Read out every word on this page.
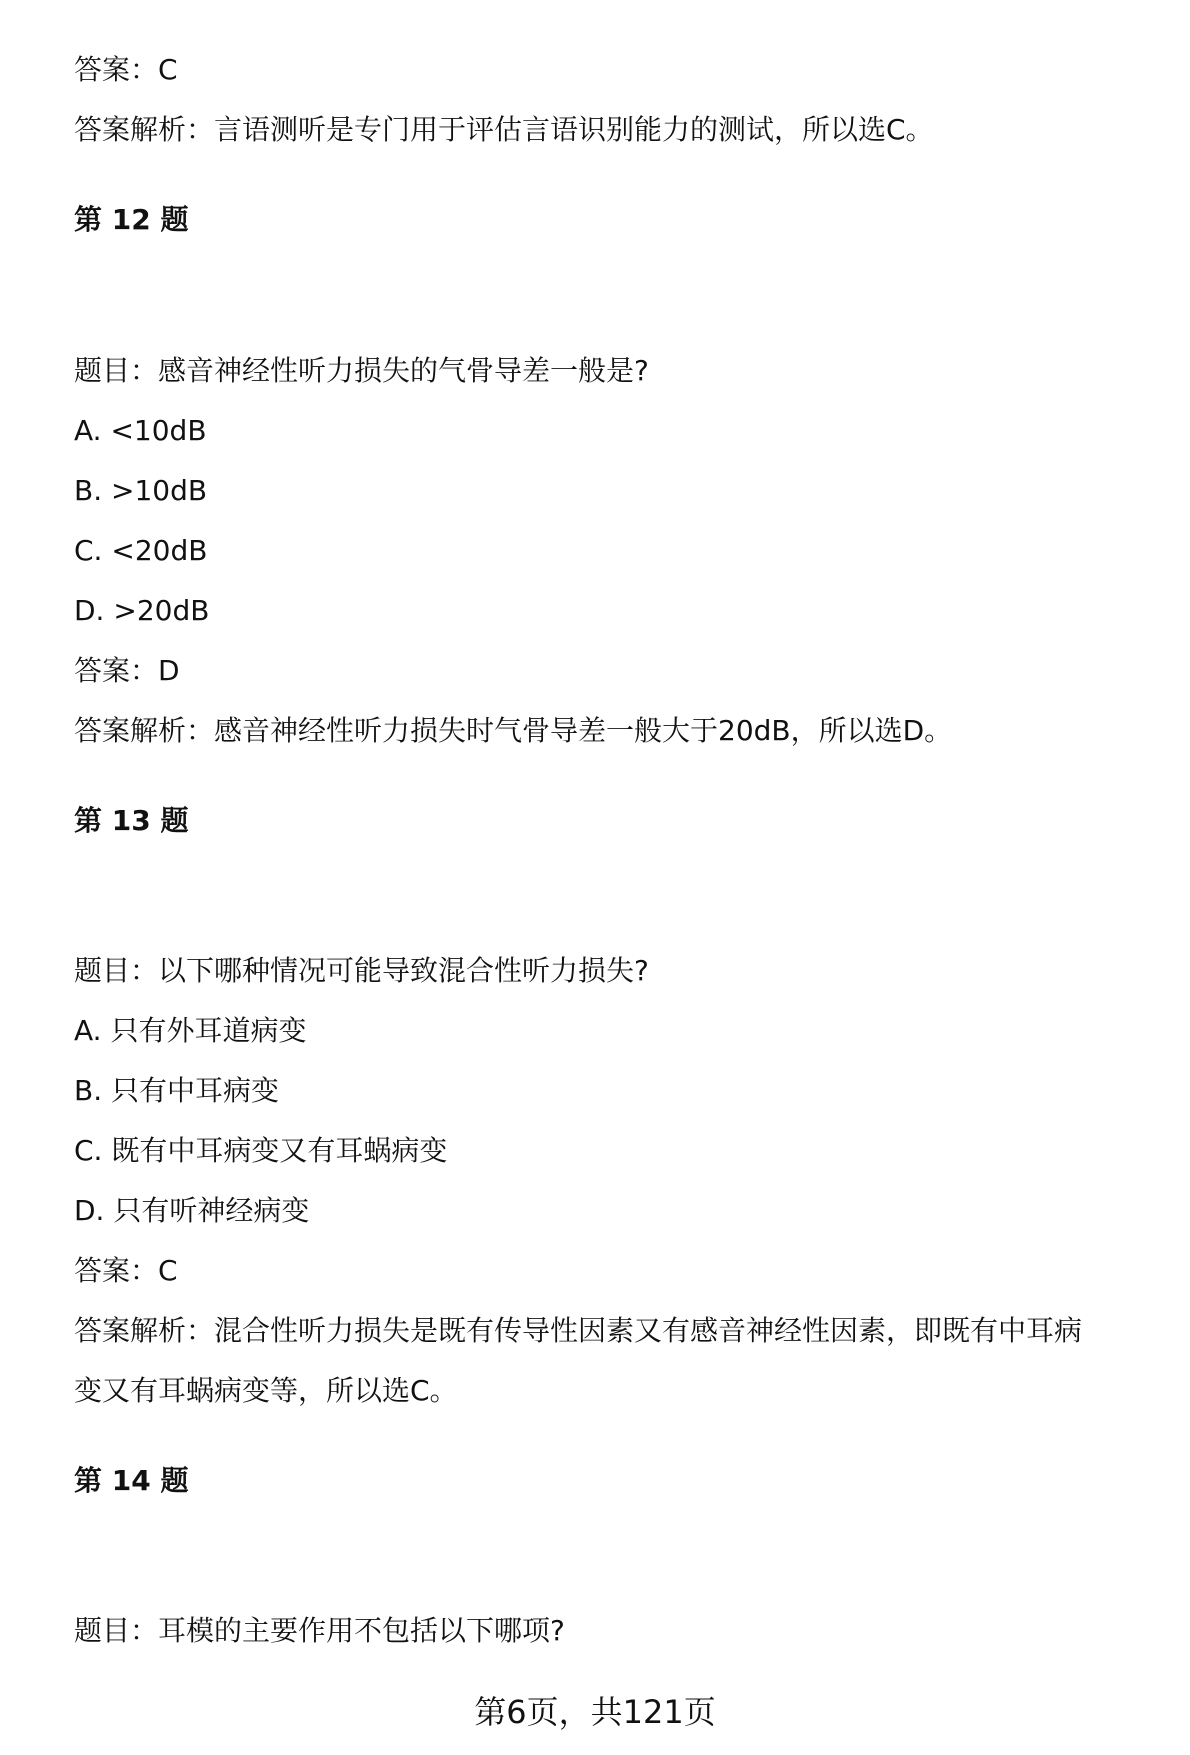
答案：C
答案解析：言语测听是专门用于评估言语识别能力的测试，所以选C。
第 12 题
题目：感音神经性听力损失的气骨导差一般是?
A. <10dB
B. >10dB
C. <20dB
D. >20dB
答案：D
答案解析：感音神经性听力损失时气骨导差一般大于20dB，所以选D。
第 13 题
题目：以下哪种情况可能导致混合性听力损失?
A. 只有外耳道病变
B. 只有中耳病变
C. 既有中耳病变又有耳蜗病变
D. 只有听神经病变
答案：C
答案解析：混合性听力损失是既有传导性因素又有感音神经性因素，即既有中耳病
变又有耳蜗病变等，所以选C。
第 14 题
题目：耳模的主要作用不包括以下哪项?
第6页，共121页
